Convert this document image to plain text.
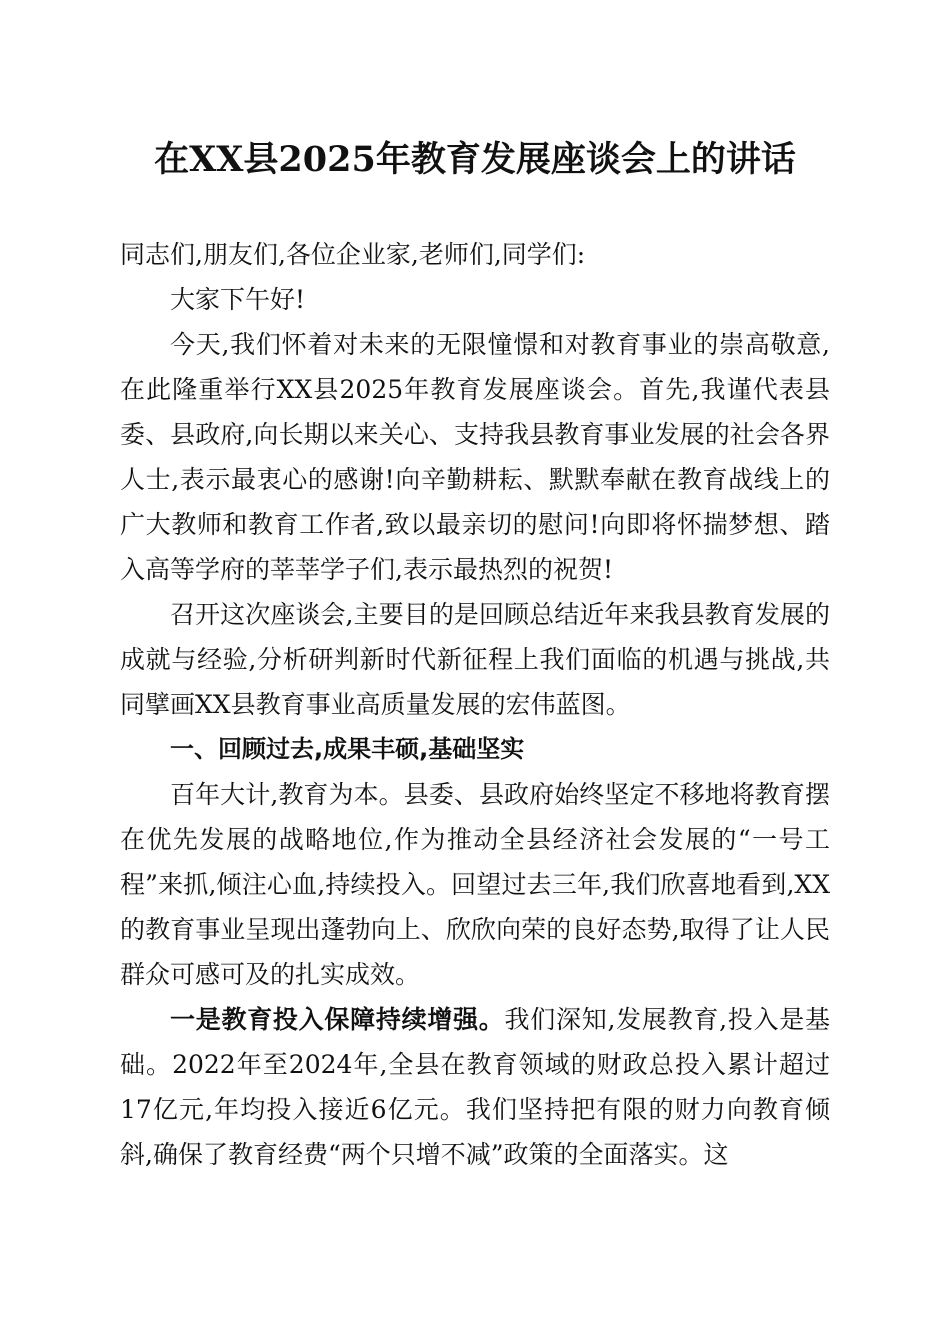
在XX县2025年教育发展座谈会上的讲话

同志们,朋友们,各位企业家,老师们,同学们:

大家下午好!

今天,我们怀着对未来的无限憧憬和对教育事业的崇高敬意,在此隆重举行XX县2025年教育发展座谈会。首先,我谨代表县委、县政府,向长期以来关心、支持我县教育事业发展的社会各界人士,表示最衷心的感谢!向辛勤耕耘、默默奉献在教育战线上的广大教师和教育工作者,致以最亲切的慰问!向即将怀揣梦想、踏入高等学府的莘莘学子们,表示最热烈的祝贺!

召开这次座谈会,主要目的是回顾总结近年来我县教育发展的成就与经验,分析研判新时代新征程上我们面临的机遇与挑战,共同擘画XX县教育事业高质量发展的宏伟蓝图。

一、回顾过去,成果丰硕,基础坚实

百年大计,教育为本。县委、县政府始终坚定不移地将教育摆在优先发展的战略地位,作为推动全县经济社会发展的“一号工程”来抓,倾注心血,持续投入。回望过去三年,我们欣喜地看到,XX的教育事业呈现出蓬勃向上、欣欣向荣的良好态势,取得了让人民群众可感可及的扎实成效。

一是教育投入保障持续增强。我们深知,发展教育,投入是基础。2022年至2024年,全县在教育领域的财政总投入累计超过17亿元,年均投入接近6亿元。我们坚持把有限的财力向教育倾斜,确保了教育经费“两个只增不减”政策的全面落实。这
